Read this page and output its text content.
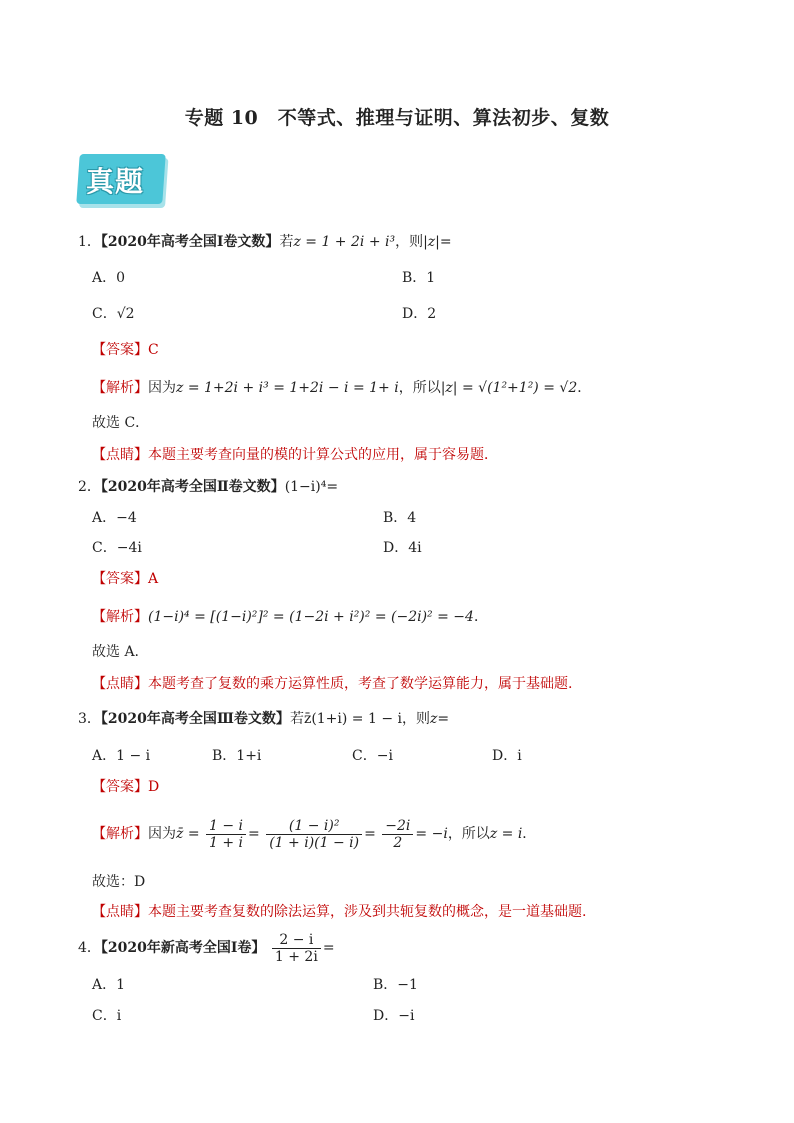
专题 10　不等式、推理与证明、算法初步、复数
真题
1．【2020年高考全国Ⅰ卷文数】若z = 1 + 2i + i³，则|z|=
A．0	B．1
C．√2	D．2
【答案】C
【解析】因为z = 1+2i + i³ = 1+2i − i = 1+ i，所以|z| = √(1²+1²) = √2．
故选 C．
【点睛】本题主要考查向量的模的计算公式的应用，属于容易题．
2．【2020年高考全国Ⅱ卷文数】(1−i)⁴=
A．−4	B．4
C．−4i	D．4i
【答案】A
【解析】(1−i)⁴ = [(1−i)²]² = (1−2i + i²)² = (−2i)² = −4．
故选 A.
【点睛】本题考查了复数的乘方运算性质，考查了数学运算能力，属于基础题.
3．【2020年高考全国Ⅲ卷文数】若z̄(1+i) = 1 − i，则z=
A．1 − i	B．1+i	C．−i	D．i
【答案】D
【解析】因为z̄ = $\frac{1 - i}{1 + i} = \frac{\text{(1 − i)²}}{(1 + i)(1 - i)} = \frac{-2i}{2} = -i$，所以z = i．
故选：D
【点睛】本题主要考查复数的除法运算，涉及到共轭复数的概念，是一道基础题.
4．【2020年新高考全国Ⅰ卷】 $\frac{2 - i}{1 + 2i}$ =
A．1	B．−1
C．i	D．−i
